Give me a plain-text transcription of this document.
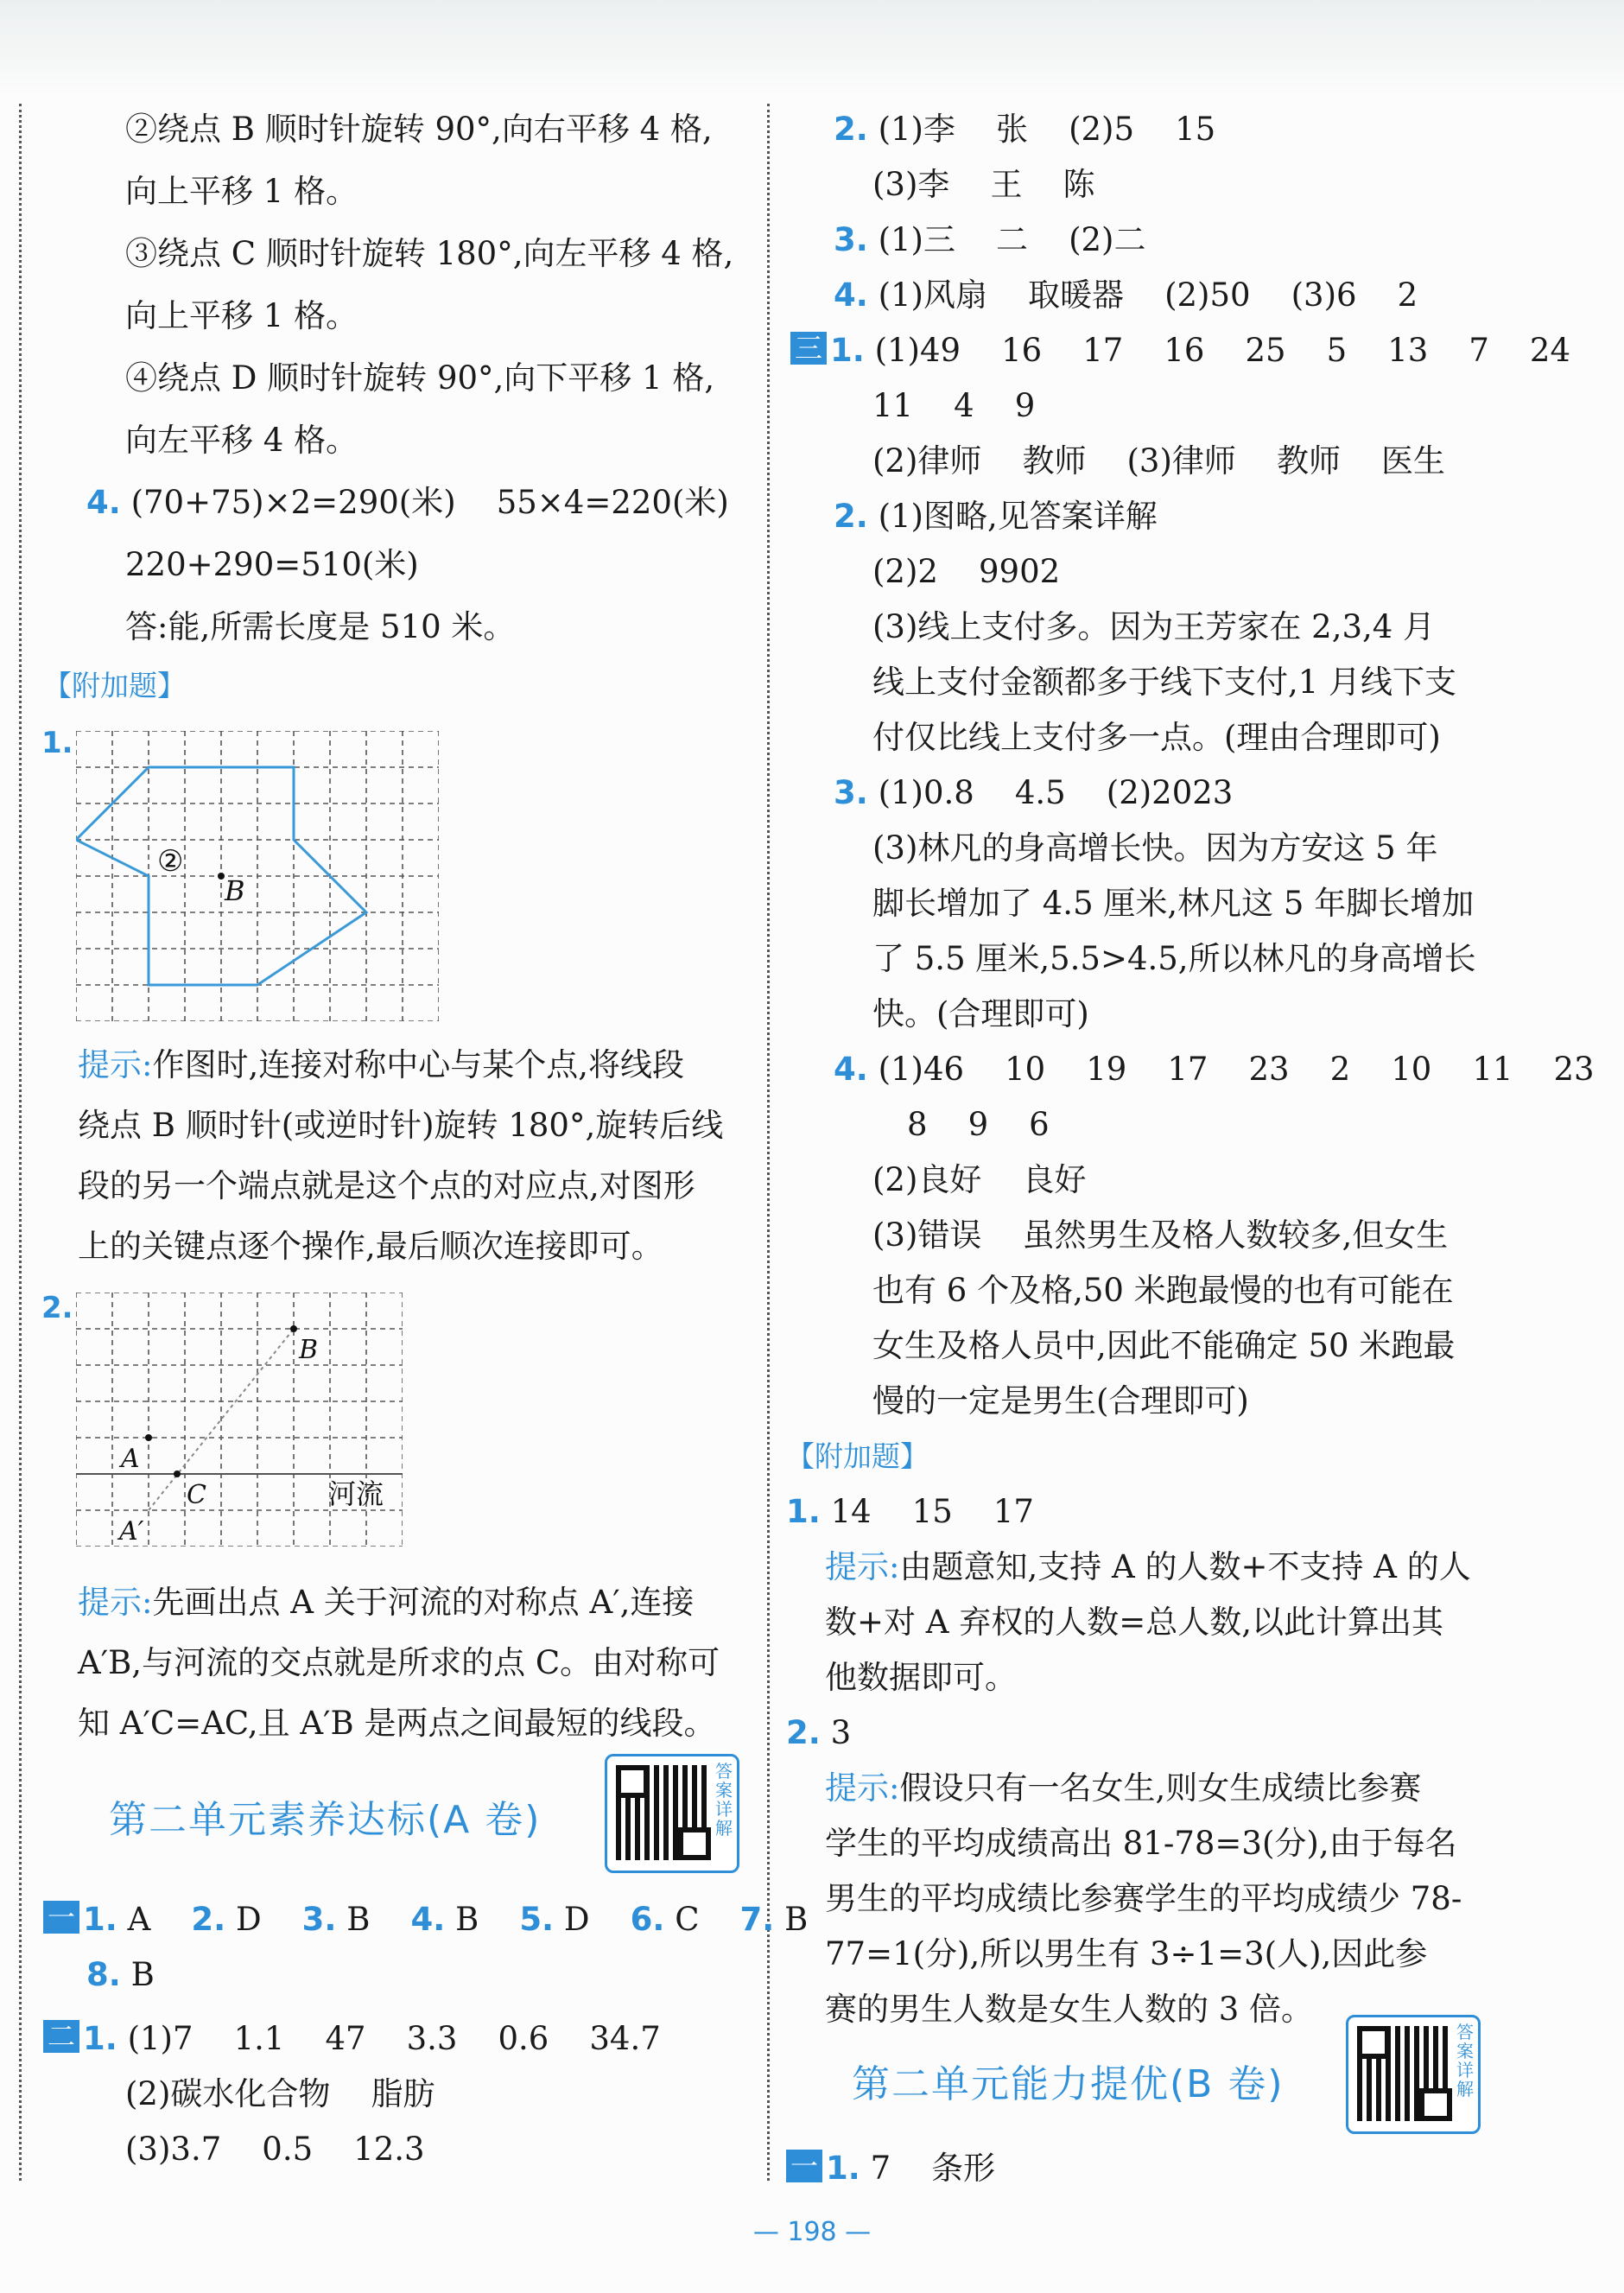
②绕点 B 顺时针旋转 90°,向右平移 4 格,
向上平移 1 格。
③绕点 C 顺时针旋转 180°,向左平移 4 格,
向上平移 1 格。
④绕点 D 顺时针旋转 90°,向下平移 1 格,
向左平移 4 格。
4. (70+75)×2=290(米)    55×4=220(米)
220+290=510(米)
答:能,所需长度是 510 米。
【附加题】
1.
②
B
提示:作图时,连接对称中心与某个点,将线段
绕点 B 顺时针(或逆时针)旋转 180°,旋转后线
段的另一个端点就是这个点的对应点,对图形
上的关键点逐个操作,最后顺次连接即可。
2.
B
A
C	河流
A′
提示:先画出点 A 关于河流的对称点 A′,连接
A′B,与河流的交点就是所求的点 C。由对称可
知 A′C=AC,且 A′B 是两点之间最短的线段。
第二单元素养达标(A 卷)
答案详解
一 1. A 2. D 3. B 4. B 5. D 6. C 7. B
8. B
二 1. (1)7    1.1    47    3.3    0.6    34.7
(2)碳水化合物    脂肪
(3)3.7    0.5    12.3
2. (1)李    张    (2)5    15
(3)李    王    陈
3. (1)三    二    (2)二
4. (1)风扇    取暖器    (2)50    (3)6    2
三 1. (1)49    16    17    16    25    5    13    7    24
11    4    9
(2)律师    教师    (3)律师    教师    医生
2. (1)图略,见答案详解
(2)2    9902
(3)线上支付多。因为王芳家在 2,3,4 月
线上支付金额都多于线下支付,1 月线下支
付仅比线上支付多一点。(理由合理即可)
3. (1)0.8    4.5    (2)2023
(3)林凡的身高增长快。因为方安这 5 年
脚长增加了 4.5 厘米,林凡这 5 年脚长增加
了 5.5 厘米,5.5>4.5,所以林凡的身高增长
快。(合理即可)
4. (1)46    10    19    17    23    2    10    11    23
8    9    6
(2)良好    良好
(3)错误    虽然男生及格人数较多,但女生
也有 6 个及格,50 米跑最慢的也有可能在
女生及格人员中,因此不能确定 50 米跑最
慢的一定是男生(合理即可)
【附加题】
1. 14    15    17
提示:由题意知,支持 A 的人数+不支持 A 的人
数+对 A 弃权的人数=总人数,以此计算出其
他数据即可。
2. 3
提示:假设只有一名女生,则女生成绩比参赛
学生的平均成绩高出 81-78=3(分),由于每名
男生的平均成绩比参赛学生的平均成绩少 78-
77=1(分),所以男生有 3÷1=3(人),因此参
赛的男生人数是女生人数的 3 倍。
第二单元能力提优(B 卷)
答案详解
一 1. 7    条形
— 198 —
